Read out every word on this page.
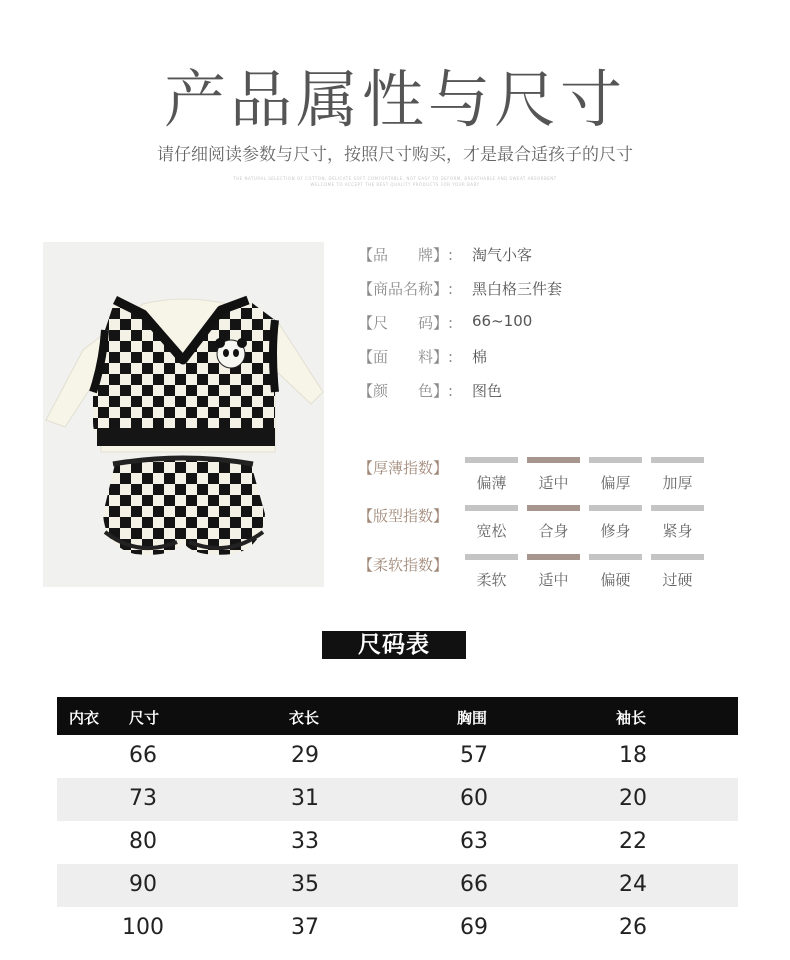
产品属性与尺寸
请仔细阅读参数与尺寸，按照尺寸购买，才是最合适孩子的尺寸
THE NATURAL SELECTION OF COTTON, DELICATE SOFT COMFORTABLE, NOT EASY TO DEFORM, BREATHABLE AND SWEAT ABSORBENT
WELCOME TO ACCEPT THE BEST QUALITY PRODUCTS FOR YOUR BABY
【品　　牌】:	淘气小客
【商品名称】:	黑白格三件套
【尺　　码】:	66~100
【面　　料】:	棉
【颜　　色】:	图色
【厚薄指数】
偏薄	适中	偏厚	加厚
【版型指数】
宽松	合身	修身	紧身
【柔软指数】
柔软	适中	偏硬	过硬
尺码表
内衣 尺寸	衣长	胸围	袖长
66	29	57	18
73	31	60	20
80	33	63	22
90	35	66	24
100	37	69	26
